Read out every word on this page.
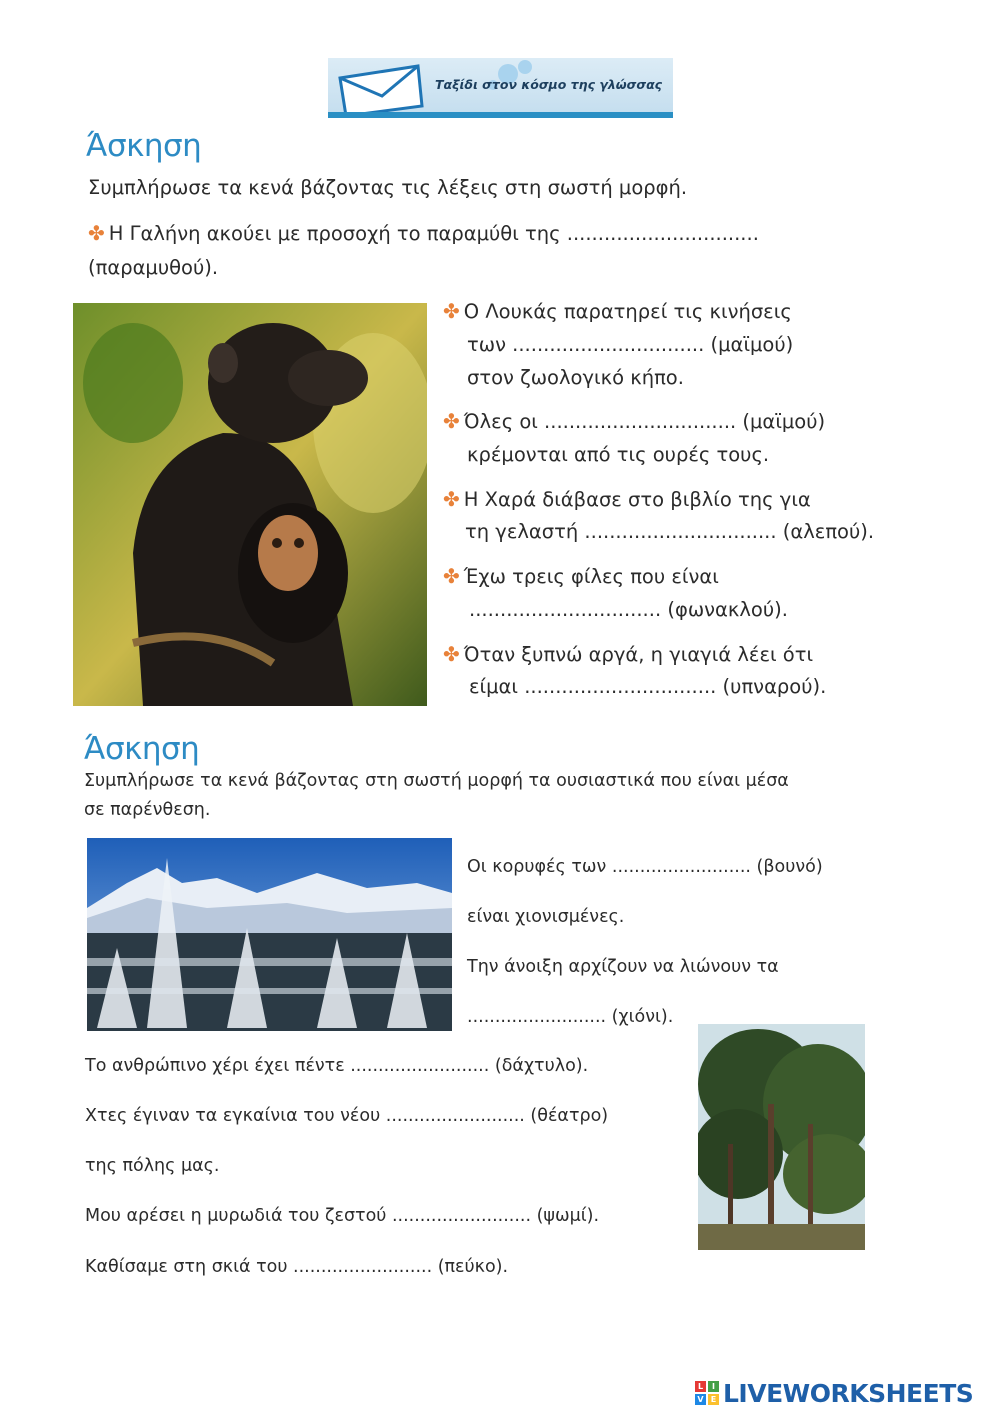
Ταξίδι στον κόσμο της γλώσσας
Άσκηση
Συμπλήρωσε τα κενά βάζοντας τις λέξεις στη σωστή μορφή.
✤ Η Γαλήνη ακούει με προσοχή το παραμύθι της ...............................
(παραμυθού).
✤ Ο Λουκάς παρατηρεί τις κινήσεις
των ............................... (μαϊμού)
στον ζωολογικό κήπο.
✤ Όλες οι ............................... (μαϊμού)
κρέμονται από τις ουρές τους.
✤ Η Χαρά διάβασε στο βιβλίο της για
τη γελαστή ............................... (αλεπού).
✤ Έχω τρεις φίλες που είναι
............................... (φωνακλού).
✤ Όταν ξυπνώ αργά, η γιαγιά λέει ότι
είμαι ............................... (υπναρού).
Άσκηση
Συμπλήρωσε τα κενά βάζοντας στη σωστή μορφή τα ουσιαστικά που είναι μέσα
σε παρένθεση.
Οι κορυφές των ......................... (βουνό)
είναι χιονισμένες.
Την άνοιξη αρχίζουν να λιώνουν τα
......................... (χιόνι).
Το ανθρώπινο χέρι έχει πέντε ......................... (δάχτυλο).
Χτες έγιναν τα εγκαίνια του νέου ......................... (θέατρο)
της πόλης μας.
Μου αρέσει η μυρωδιά του ζεστού ......................... (ψωμί).
Καθίσαμε στη σκιά του ......................... (πεύκο).
L	I
V E LIVEWORKSHEETS
